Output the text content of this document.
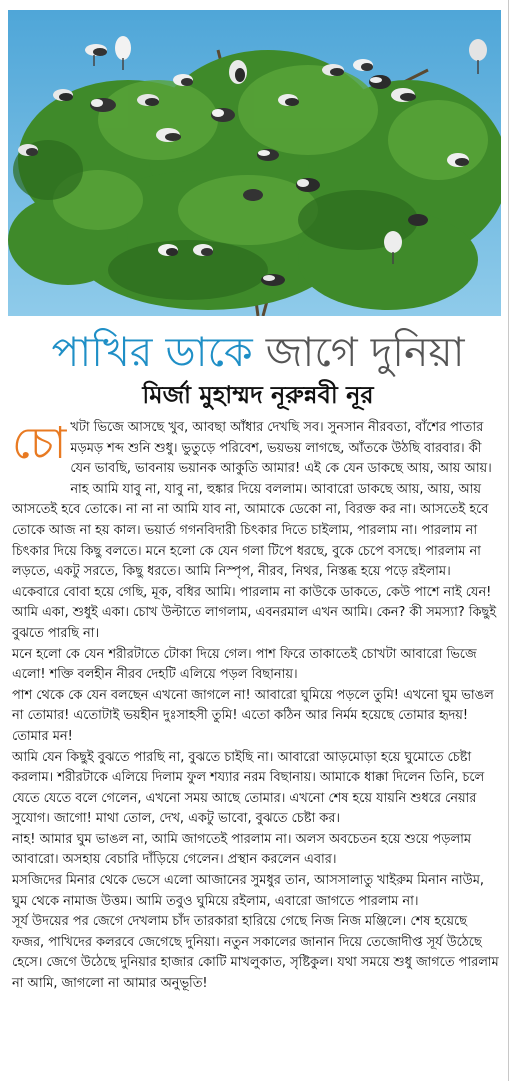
পাখির ডাকে জাগে দুনিয়া
মির্জা মুহাম্মদ নূরুন্নবী নূর

চোখটা ভিজে আসছে খুব, আবছা আঁধার দেখছি সব। সুনসান নীরবতা, বাঁশের পাতার মড়মড় শব্দ শুনি শুধু। ভুতুড়ে পরিবেশ, ভয়ভয় লাগছে, আঁতকে উঠছি বারবার। কী যেন ভাবছি, ভাবনায় ভয়ানক আকুতি আমার! এই কে যেন ডাকছে আয়, আয় আয়।

নাহ আমি যাবু না, যাবু না, হুঙ্কার দিয়ে বললাম। আবারো ডাকছে আয়, আয়, আয় আসতেই হবে তোকে। না না না আমি যাব না, আমাকে ডেকো না, বিরক্ত কর না। আসতেই হবে তোকে আজ না হয় কাল। ভয়ার্ত গগনবিদারী চিৎকার দিতে চাইলাম, পারলাম না। পারলাম না চিৎকার দিয়ে কিছু বলতে। মনে হলো কে যেন গলা টিপে ধরছে, বুকে চেপে বসছে। পারলাম না লড়তে, একটু সরতে, কিছু ধরতে। আমি নিস্পৃপ, নীরব, নিথর, নিস্তব্ধ হয়ে পড়ে রইলাম। একেবারে বোবা হয়ে গেছি, মূক, বধির আমি। পারলাম না কাউকে ডাকতে, কেউ পাশে নাই যেন! আমি একা, শুধুই একা। চোখ উল্টাতে লাগলাম, এবনরমাল এখন আমি। কেন? কী সমস্যা? কিছুই বুঝতে পারছি না।

মনে হলো কে যেন শরীরটাতে টোকা দিয়ে গেল। পাশ ফিরে তাকাতেই চোখটা আবারো ভিজে এলো! শক্তি বলহীন নীরব দেহটি এলিয়ে পড়ল বিছানায়।

পাশ থেকে কে যেন বলছেন এখনো জাগলে না! আবারো ঘুমিয়ে পড়লে তুমি! এখনো ঘুম ভাঙল না তোমার! এতোটাই ভয়হীন দুঃসাহসী তুমি! এতো কঠিন আর নির্মম হয়েছে তোমার হৃদয়! তোমার মন!

আমি যেন কিছুই বুঝতে পারছি না, বুঝতে চাইছি না। আবারো আড়মোড়া হয়ে ঘুমোতে চেষ্টা করলাম। শরীরটাকে এলিয়ে দিলাম ফুল শয্যার নরম বিছানায়। আমাকে ধাক্কা দিলেন তিনি, চলে যেতে যেতে বলে গেলেন, এখনো সময় আছে তোমার। এখনো শেষ হয়ে যায়নি শুধরে নেয়ার সুযোগ। জাগো! মাথা তোল, দেখ, একটু ভাবো, বুঝতে চেষ্টা কর।

নাহ! আমার ঘুম ভাঙল না, আমি জাগতেই পারলাম না। অলস অবচেতন হয়ে শুয়ে পড়লাম আবারো। অসহায় বেচারি দাঁড়িয়ে গেলেন। প্রস্থান করলেন এবার।

মসজিদের মিনার থেকে ভেসে এলো আজানের সুমধুর তান, আসসালাতু খাইরুম মিনান নাউম, ঘুম থেকে নামাজ উত্তম। আমি তবুও ঘুমিয়ে রইলাম, এবারো জাগতে পারলাম না।

সূর্য উদয়ের পর জেগে দেখলাম চাঁদ তারকারা হারিয়ে গেছে নিজ নিজ মঞ্জিলে। শেষ হয়েছে ফজর, পাখিদের কলরবে জেগেছে দুনিয়া। নতুন সকালের জানান দিয়ে তেজোদীপ্ত সূর্য উঠেছে হেসে। জেগে উঠেছে দুনিয়ার হাজার কোটি মাখলুকাত, সৃষ্টিকুল। যথা সময়ে শুধু জাগতে পারলাম না আমি, জাগলো না আমার অনুভূতি!
